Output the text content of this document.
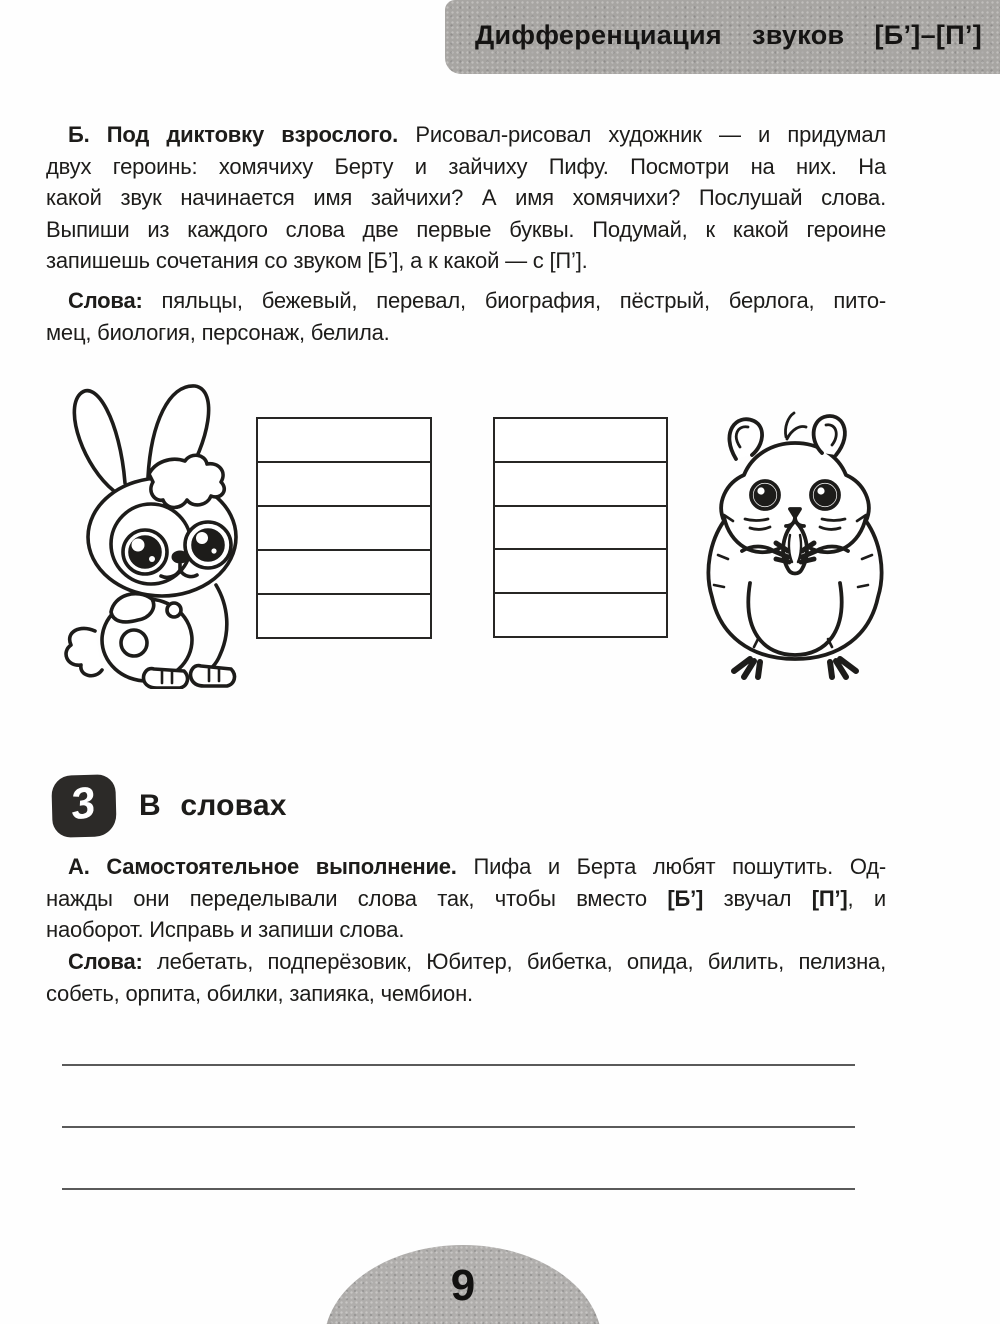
Дифференциация звуков [Б’]–[П’]

Б. Под диктовку взрослого. Рисовал-рисовал художник — и придумал

двух героинь: хомячиху Берту и зайчиху Пифу. Посмотри на них. На

какой звук начинается имя зайчихи? А имя хомячихи? Послушай слова.

Выпиши из каждого слова две первые буквы. Подумай, к какой героине

запишешь сочетания со звуком [Б’], а к какой — с [П’].

Слова: пяльцы, бежевый, перевал, биография, пёстрый, берлога, пито-

мец, биология, персонаж, белила.

3 В словах

А. Самостоятельное выполнение. Пифа и Берта любят пошутить. Од-

нажды они переделывали слова так, чтобы вместо [Б’] звучал [П’], и

наоборот. Исправь и запиши слова.

Слова: лебетать, подперёзовик, Юбитер, бибетка, опида, билить, пелизна,

собеть, орпита, обилки, запияка, чембион.

9
